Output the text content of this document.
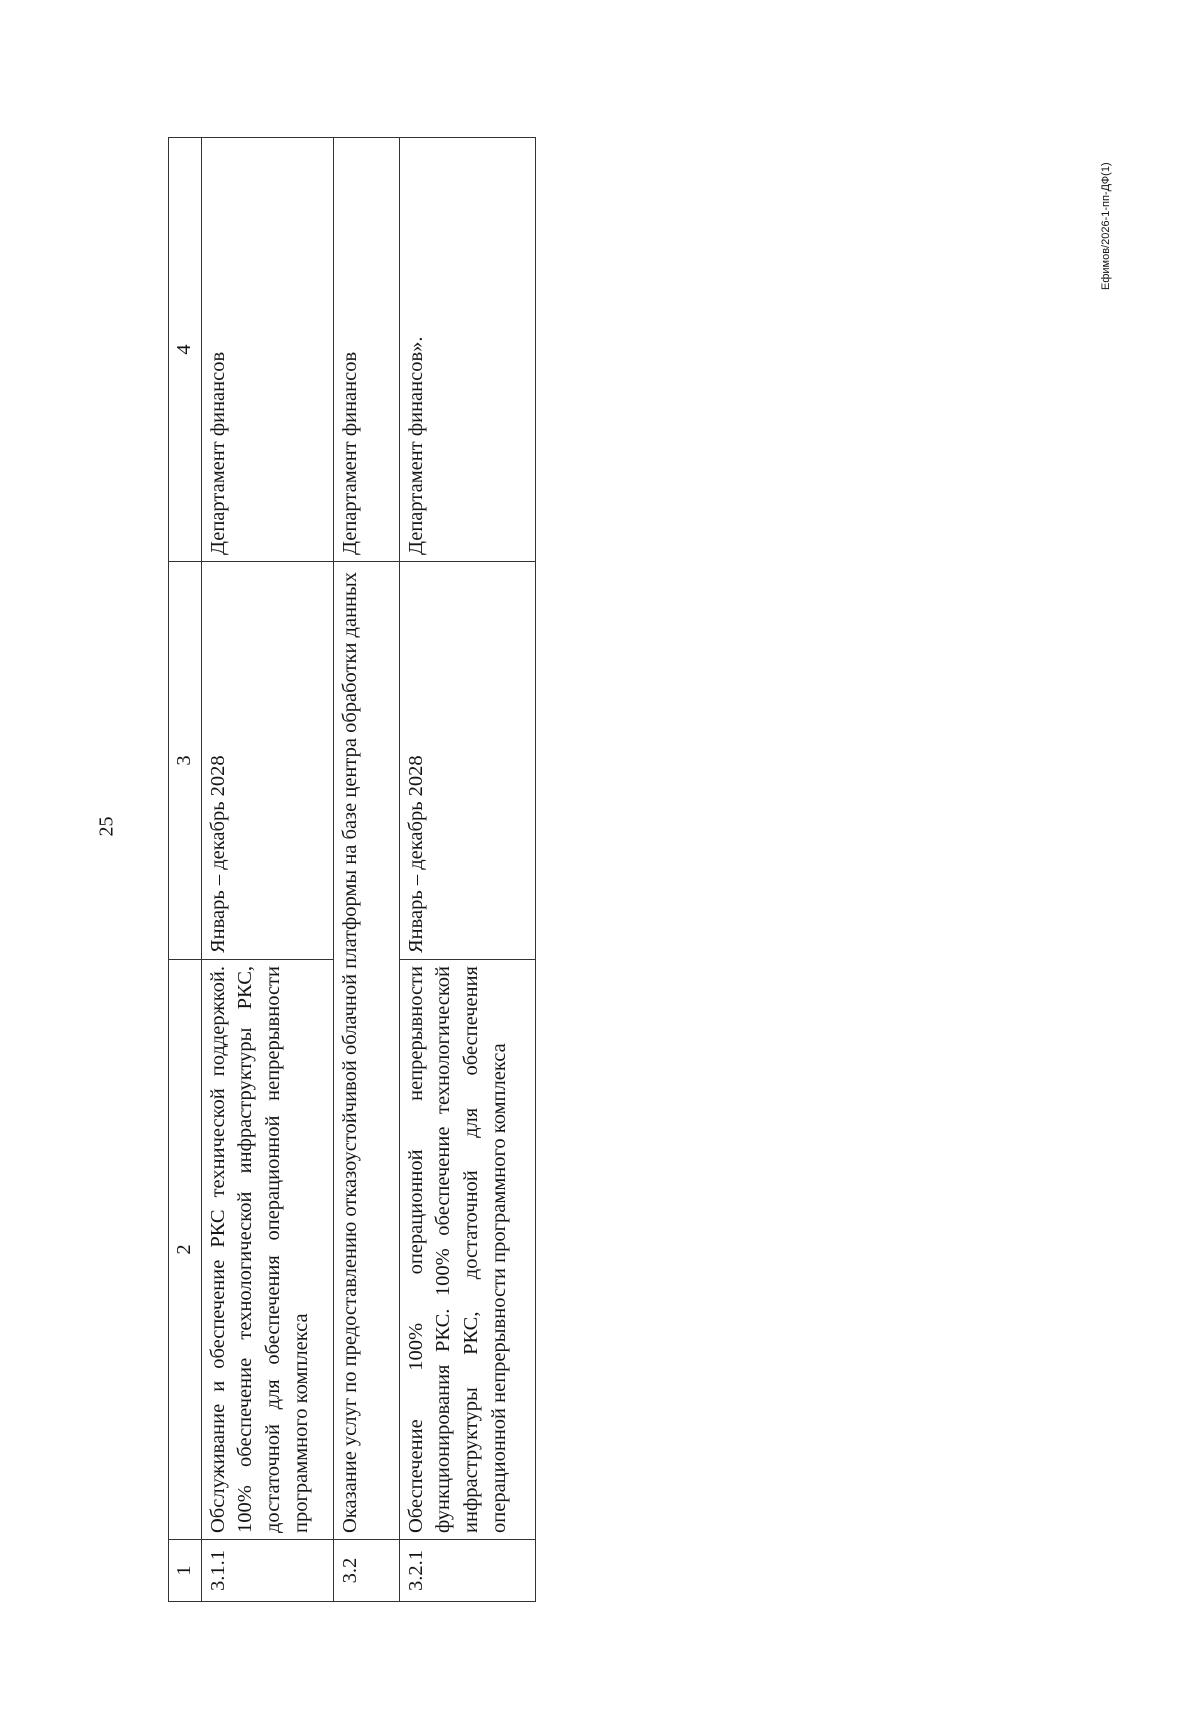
25
Ефимов/2026-1-пп-ДФ(1)
1	2	3	4
3.1.1	Обслуживание и обеспечение РКС технической поддержкой. 100% обеспечение технологической инфраструктуры РКС, достаточной для обеспечения операционной непрерывности программного комплекса	Январь – декабрь 2028	Департамент финансов
3.2	Оказание услуг по предоставлению отказоустойчивой облачной платформы на базе центра обработки данных		Департамент финансов
3.2.1	Обеспечение 100% операционной непрерывности функционирования РКС. 100% обеспечение технологической инфраструктуры РКС, достаточной для обеспечения операционной непрерывности программного комплекса	Январь – декабрь 2028	Департамент финансов».
